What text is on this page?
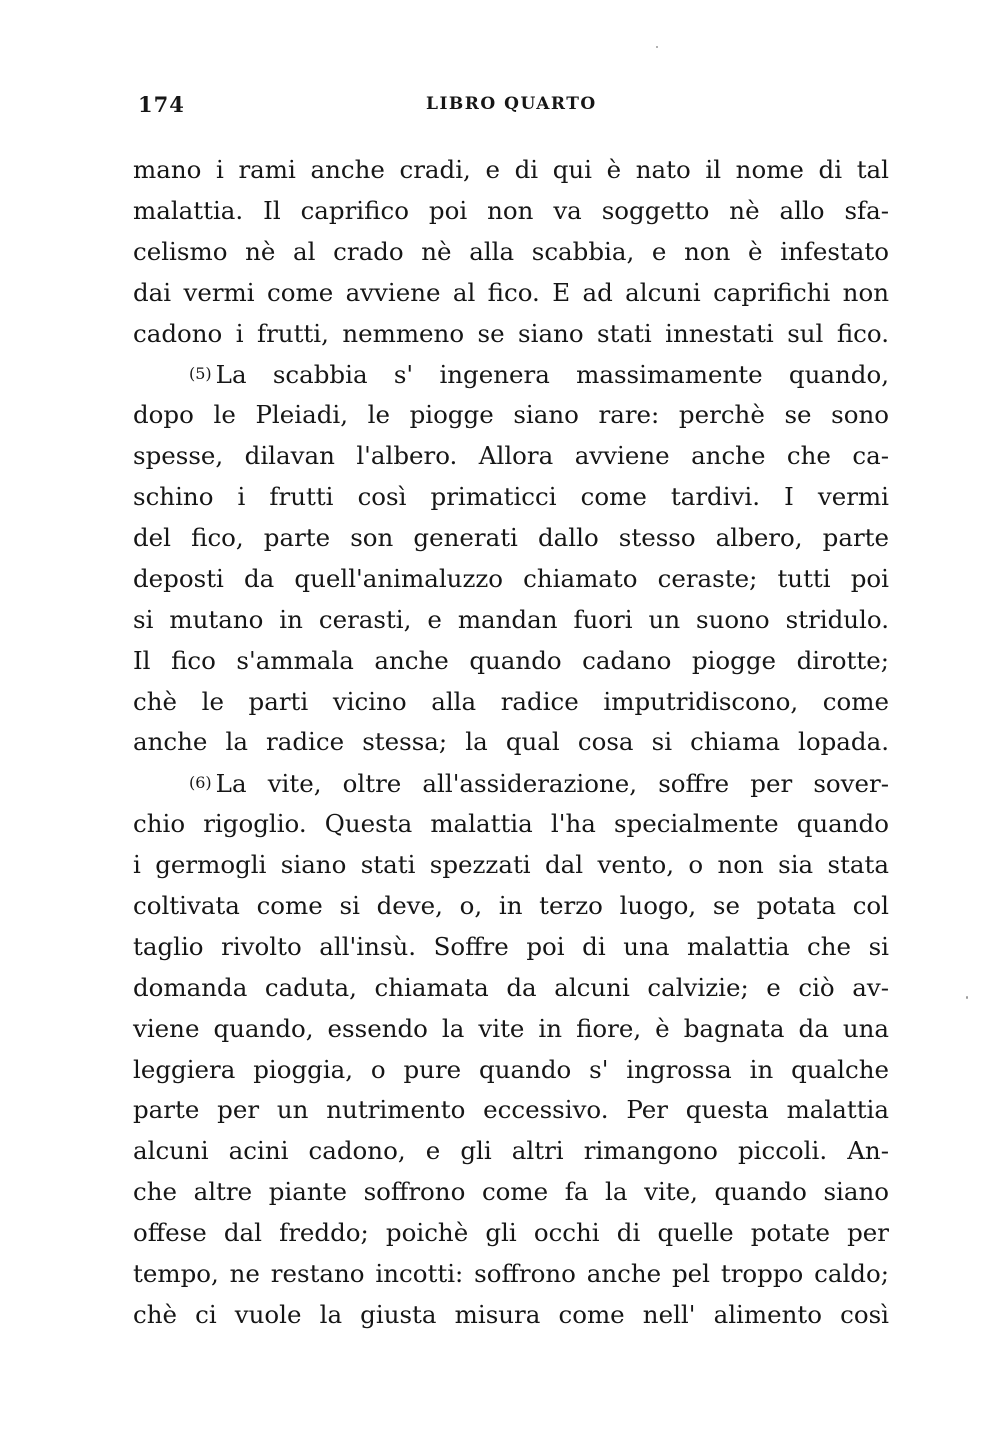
174	LIBRO QUARTO
mano i rami anche cradi, e di qui è nato il nome di tal
malattia. Il caprifico poi non va soggetto nè allo sfa-
celismo nè al crado nè alla scabbia, e non è infestato
dai vermi come avviene al fico. E ad alcuni caprifichi non
cadono i frutti, nemmeno se siano stati innestati sul fico.
(5) La scabbia s' ingenera massimamente quando,
dopo le Pleiadi, le piogge siano rare: perchè se sono
spesse, dilavan l'albero. Allora avviene anche che ca-
schino i frutti così primaticci come tardivi. I vermi
del fico, parte son generati dallo stesso albero, parte
deposti da quell'animaluzzo chiamato ceraste; tutti poi
si mutano in cerasti, e mandan fuori un suono stridulo.
Il fico s'ammala anche quando cadano piogge dirotte;
chè le parti vicino alla radice imputridiscono, come
anche la radice stessa; la qual cosa si chiama lopada.
(6) La vite, oltre all'assiderazione, soffre per sover-
chio rigoglio. Questa malattia l'ha specialmente quando
i germogli siano stati spezzati dal vento, o non sia stata
coltivata come si deve, o, in terzo luogo, se potata col
taglio rivolto all'insù. Soffre poi di una malattia che si
domanda caduta, chiamata da alcuni calvizie; e ciò av-
viene quando, essendo la vite in fiore, è bagnata da una
leggiera pioggia, o pure quando s' ingrossa in qualche
parte per un nutrimento eccessivo. Per questa malattia
alcuni acini cadono, e gli altri rimangono piccoli. An-
che altre piante soffrono come fa la vite, quando siano
offese dal freddo; poichè gli occhi di quelle potate per
tempo, ne restano incotti: soffrono anche pel troppo caldo;
chè ci vuole la giusta misura come nell' alimento così
